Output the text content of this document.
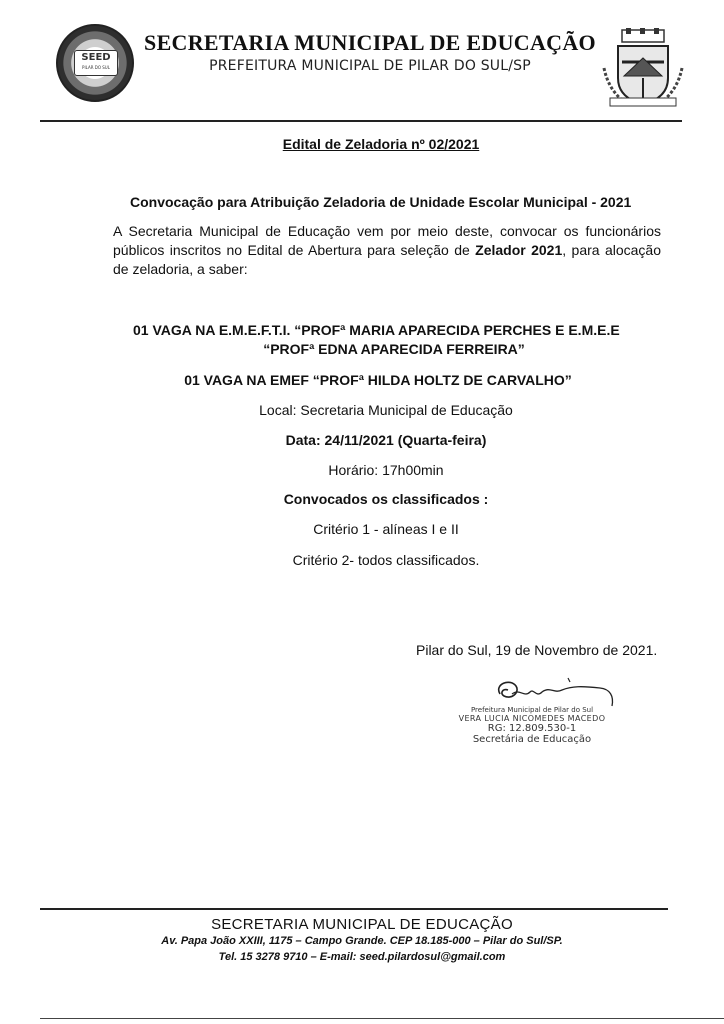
SEED
PILAR DO SUL
SECRETARIA MUNICIPAL DE EDUCAÇÃO
PREFEITURA MUNICIPAL DE PILAR DO SUL/SP
Edital de Zeladoria nº 02/2021
Convocação para Atribuição Zeladoria de Unidade Escolar Municipal - 2021
A Secretaria Municipal de Educação vem por meio deste, convocar os funcionários públicos inscritos no Edital de Abertura para seleção de Zelador 2021, para alocação de zeladoria, a saber:
01 VAGA NA E.M.E.F.T.I. “PROFª MARIA APARECIDA PERCHES E E.M.E.E
“PROFª EDNA APARECIDA FERREIRA”
01 VAGA NA EMEF “PROFª HILDA HOLTZ DE CARVALHO”
Local: Secretaria Municipal de Educação
Data: 24/11/2021 (Quarta-feira)
Horário: 17h00min
Convocados os classificados :
Critério 1 - alíneas I e II
Critério 2- todos classificados.
Pilar do Sul, 19 de Novembro de 2021.
Prefeitura Municipal de Pilar do Sul
VERA LUCIA NICOMEDES MACEDO
RG: 12.809.530-1
Secretária de Educação
SECRETARIA MUNICIPAL DE EDUCAÇÃO
Av. Papa João XXIII, 1175 – Campo Grande. CEP 18.185-000 – Pilar do Sul/SP.
Tel. 15 3278 9710 – E-mail: seed.pilardosul@gmail.com
